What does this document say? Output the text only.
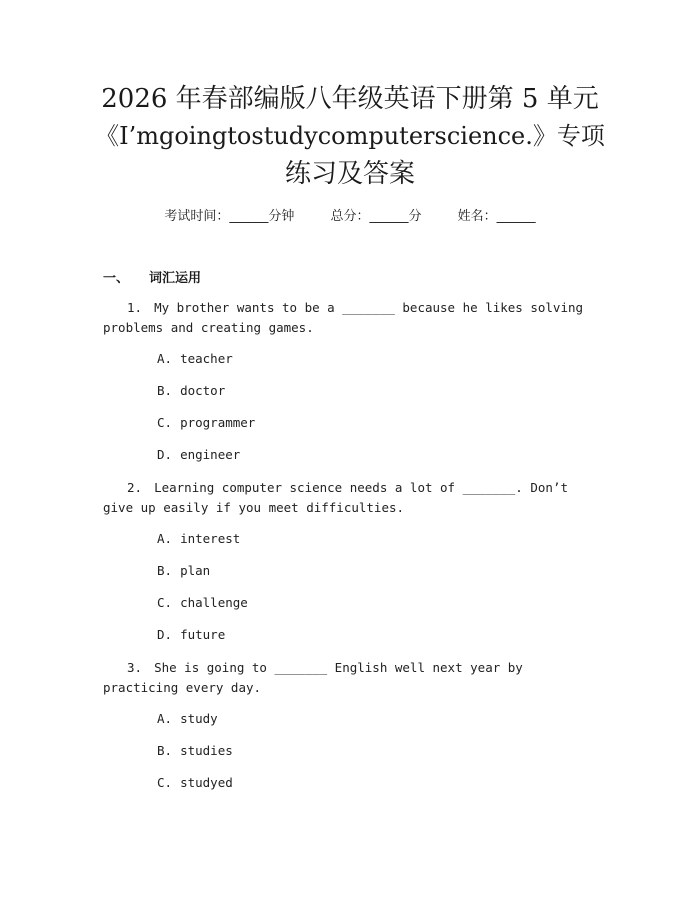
2026 年春部编版八年级英语下册第 5 单元
《I’mgoingtostudycomputerscience.》专项
练习及答案
考试时间：______分钟	总分：______分	姓名：______
一、 词汇运用
1. My brother wants to be a _______ because he likes solving problems and creating games.
A. teacher
B. doctor
C. programmer
D. engineer
2. Learning computer science needs a lot of _______. Don’t give up easily if you meet difficulties.
A. interest
B. plan
C. challenge
D. future
3. She is going to _______ English well next year by practicing every day.
A. study
B. studies
C. studyed
